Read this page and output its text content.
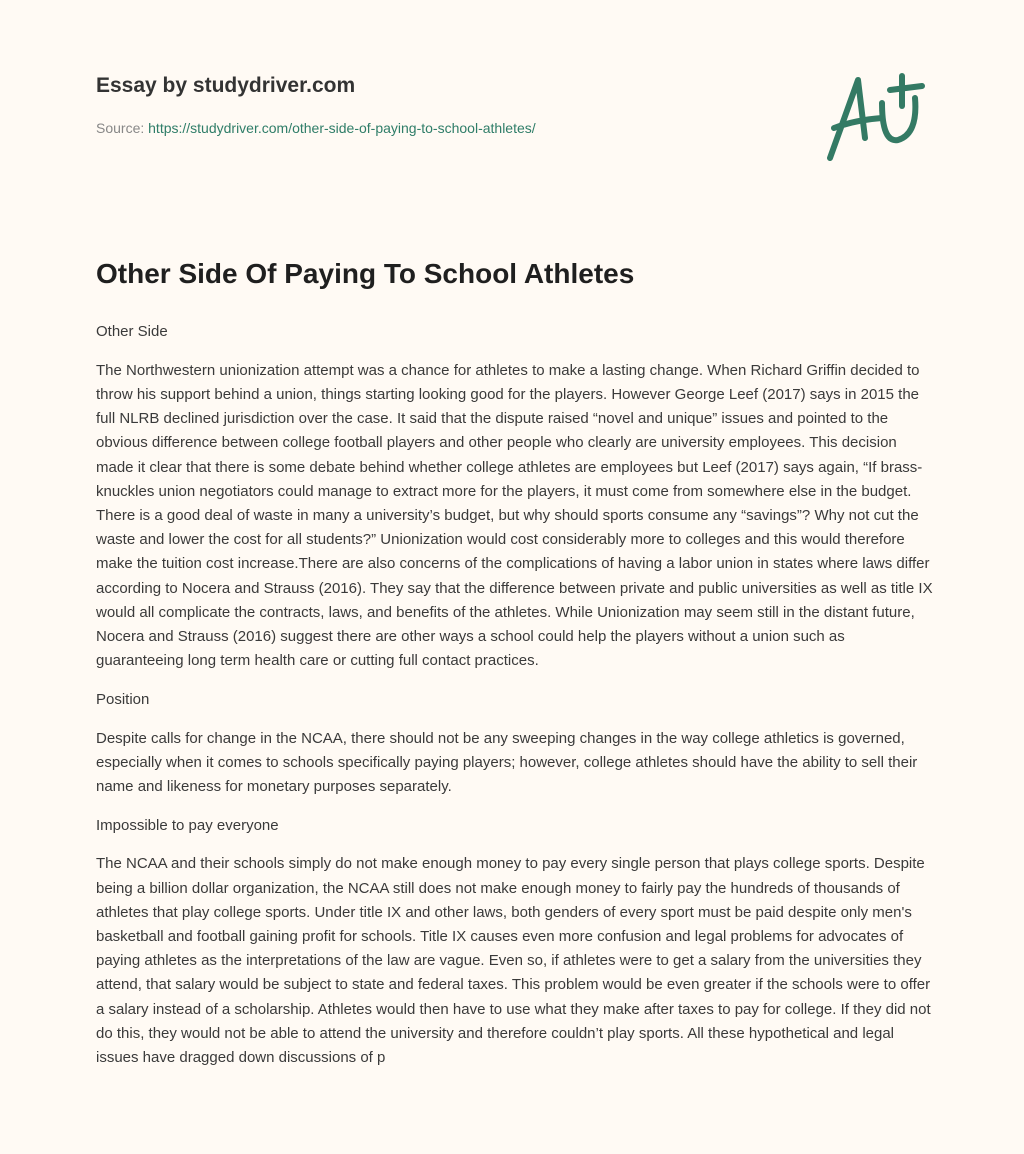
Essay by studydriver.com
Source: https://studydriver.com/other-side-of-paying-to-school-athletes/
Other Side Of Paying To School Athletes

Other Side

The Northwestern unionization attempt was a chance for athletes to make a lasting change. When Richard Griffin decided to throw his support behind a union, things starting looking good for the players. However George Leef (2017) says in 2015 the full NLRB declined jurisdiction over the case. It said that the dispute raised “novel and unique” issues and pointed to the obvious difference between college football players and other people who clearly are university employees. This decision made it clear that there is some debate behind whether college athletes are employees but Leef (2017) says again, “If brass-knuckles union negotiators could manage to extract more for the players, it must come from somewhere else in the budget. There is a good deal of waste in many a university’s budget, but why should sports consume any “savings”? Why not cut the waste and lower the cost for all students?” Unionization would cost considerably more to colleges and this would therefore make the tuition cost increase.There are also concerns of the complications of having a labor union in states where laws differ according to Nocera and Strauss (2016). They say that the difference between private and public universities as well as title IX would all complicate the contracts, laws, and benefits of the athletes. While Unionization may seem still in the distant future, Nocera and Strauss (2016) suggest there are other ways a school could help the players without a union such as guaranteeing long term health care or cutting full contact practices.

Position

Despite calls for change in the NCAA, there should not be any sweeping changes in the way college athletics is governed, especially when it comes to schools specifically paying players; however, college athletes should have the ability to sell their name and likeness for monetary purposes separately.

Impossible to pay everyone

The NCAA and their schools simply do not make enough money to pay every single person that plays college sports. Despite being a billion dollar organization, the NCAA still does not make enough money to fairly pay the hundreds of thousands of athletes that play college sports. Under title IX and other laws, both genders of every sport must be paid despite only men's basketball and football gaining profit for schools. Title IX causes even more confusion and legal problems for advocates of paying athletes as the interpretations of the law are vague. Even so, if athletes were to get a salary from the universities they attend, that salary would be subject to state and federal taxes. This problem would be even greater if the schools were to offer a salary instead of a scholarship. Athletes would then have to use what they make after taxes to pay for college. If they did not do this, they would not be able to attend the university and therefore couldn’t play sports. All these hypothetical and legal issues have dragged down discussions of p
